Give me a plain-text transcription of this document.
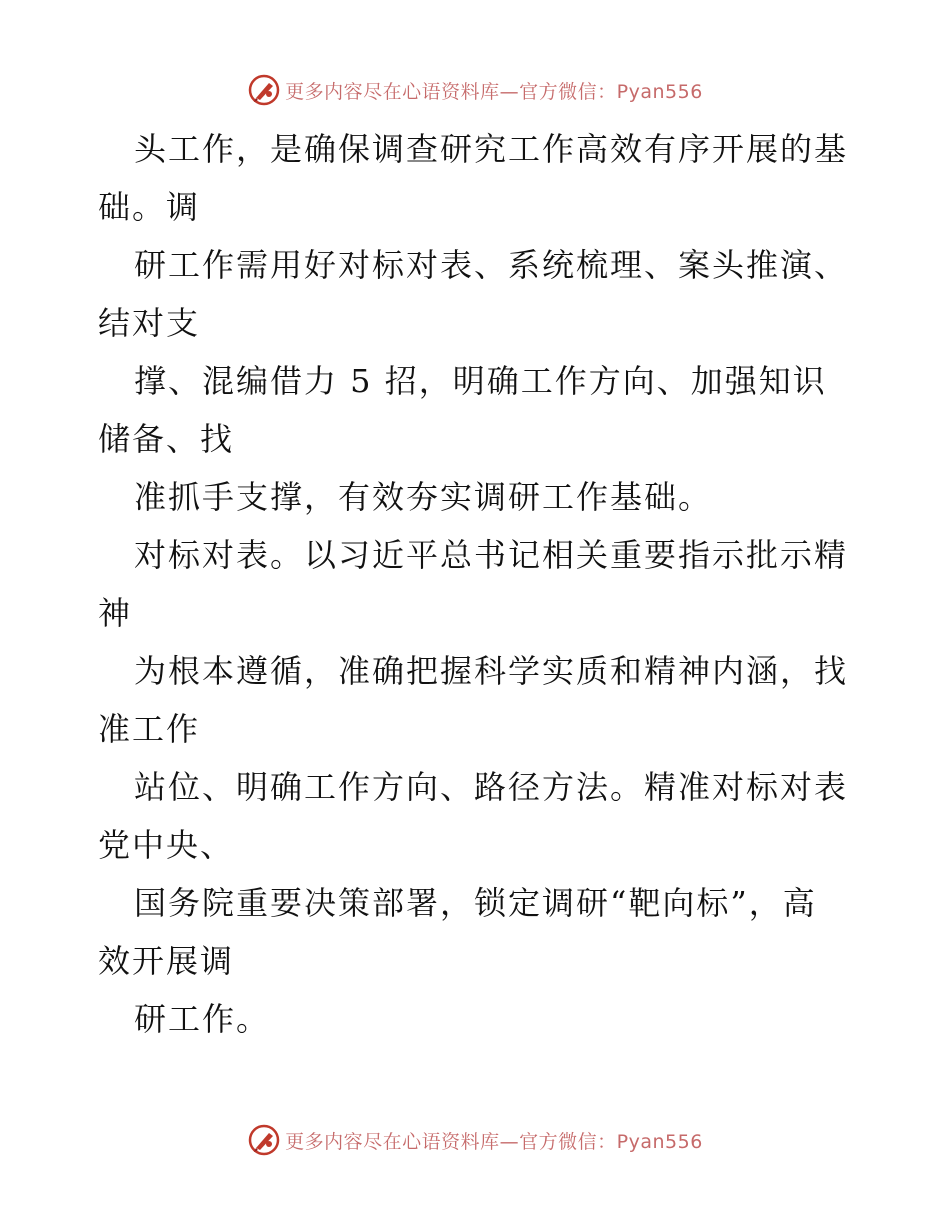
更多内容尽在心语资料库—官方微信：Pyan556
头工作，是确保调查研究工作高效有序开展的基
础。调
研工作需用好对标对表、系统梳理、案头推演、
结对支
撑、混编借力 5 招，明确工作方向、加强知识
储备、找
准抓手支撑，有效夯实调研工作基础。
对标对表。以习近平总书记相关重要指示批示精
神
为根本遵循，准确把握科学实质和精神内涵，找
准工作
站位、明确工作方向、路径方法。精准对标对表
党中央、
国务院重要决策部署，锁定调研“靶向标”，高
效开展调
研工作。
更多内容尽在心语资料库—官方微信：Pyan556
